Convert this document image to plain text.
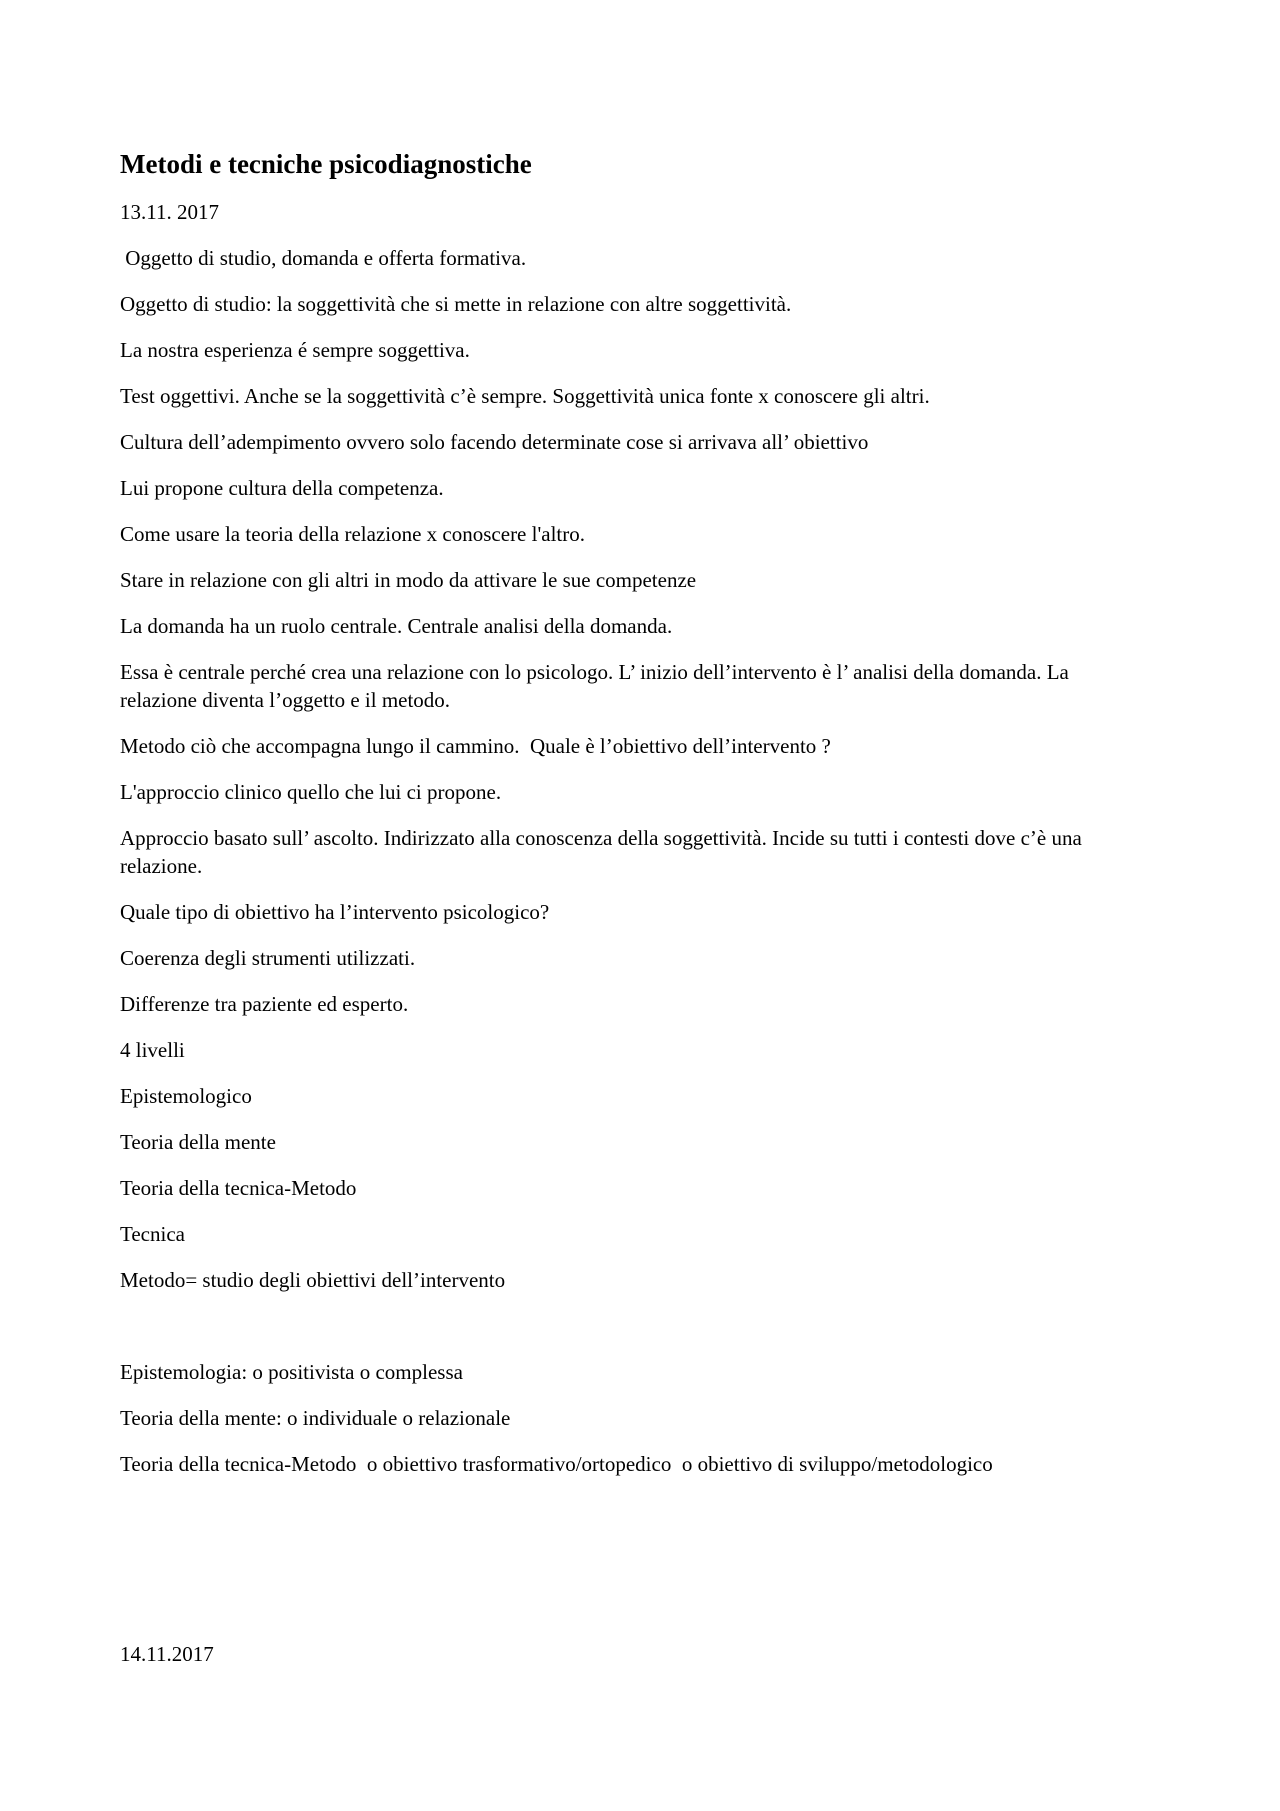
Metodi e tecniche psicodiagnostiche
13.11. 2017
Oggetto di studio, domanda e offerta formativa.
Oggetto di studio: la soggettività che si mette in relazione con altre soggettività.
La nostra esperienza é sempre soggettiva.
Test oggettivi. Anche se la soggettività c’è sempre. Soggettività unica fonte x conoscere gli altri.
Cultura dell’adempimento ovvero solo facendo determinate cose si arrivava all’ obiettivo
Lui propone cultura della competenza.
Come usare la teoria della relazione x conoscere l'altro.
Stare in relazione con gli altri in modo da attivare le sue competenze
La domanda ha un ruolo centrale. Centrale analisi della domanda.
Essa è centrale perché crea una relazione con lo psicologo. L’ inizio dell’intervento è l’ analisi della domanda. La relazione diventa l’oggetto e il metodo.
Metodo ciò che accompagna lungo il cammino.  Quale è l’obiettivo dell’intervento ?
L'approccio clinico quello che lui ci propone.
Approccio basato sull’ ascolto. Indirizzato alla conoscenza della soggettività. Incide su tutti i contesti dove c’è una relazione.
Quale tipo di obiettivo ha l’intervento psicologico?
Coerenza degli strumenti utilizzati.
Differenze tra paziente ed esperto.
4 livelli
Epistemologico
Teoria della mente
Teoria della tecnica-Metodo
Tecnica
Metodo= studio degli obiettivi dell’intervento
Epistemologia: o positivista o complessa
Teoria della mente: o individuale o relazionale
Teoria della tecnica-Metodo  o obiettivo trasformativo/ortopedico  o obiettivo di sviluppo/metodologico
14.11.2017
